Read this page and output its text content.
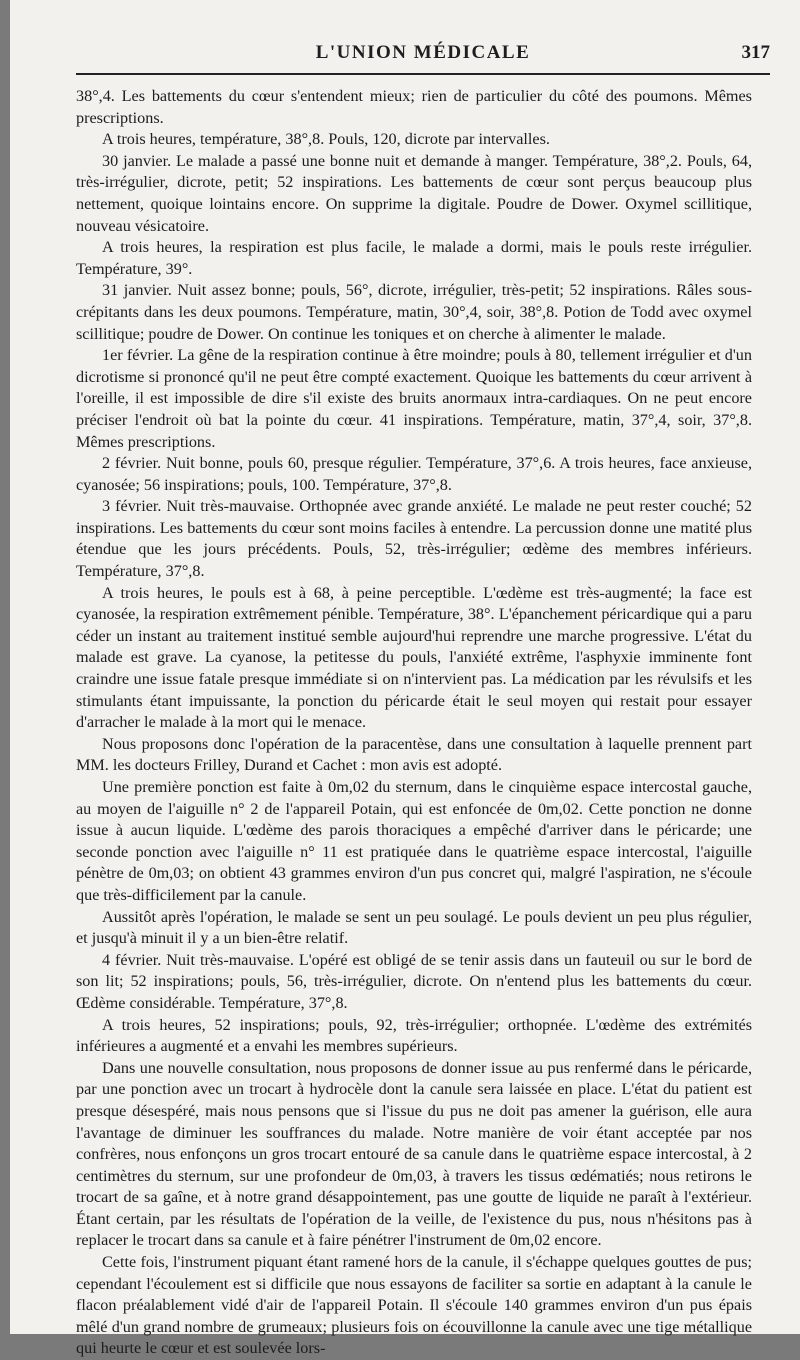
L'UNION MÉDICALE	317

38°,4. Les battements du cœur s'entendent mieux; rien de particulier du côté des poumons. Mêmes prescriptions.

A trois heures, température, 38°,8. Pouls, 120, dicrote par intervalles.

30 janvier. Le malade a passé une bonne nuit et demande à manger. Température, 38°,2. Pouls, 64, très-irrégulier, dicrote, petit; 52 inspirations. Les battements de cœur sont perçus beaucoup plus nettement, quoique lointains encore. On supprime la digitale. Poudre de Dower. Oxymel scillitique, nouveau vésicatoire.

A trois heures, la respiration est plus facile, le malade a dormi, mais le pouls reste irrégulier. Température, 39°.

31 janvier. Nuit assez bonne; pouls, 56°, dicrote, irrégulier, très-petit; 52 inspirations. Râles sous-crépitants dans les deux poumons. Température, matin, 30°,4, soir, 38°,8. Potion de Todd avec oxymel scillitique; poudre de Dower. On continue les toniques et on cherche à alimenter le malade.

1er février. La gêne de la respiration continue à être moindre; pouls à 80, tellement irrégulier et d'un dicrotisme si prononcé qu'il ne peut être compté exactement. Quoique les battements du cœur arrivent à l'oreille, il est impossible de dire s'il existe des bruits anormaux intra-cardiaques. On ne peut encore préciser l'endroit où bat la pointe du cœur. 41 inspirations. Température, matin, 37°,4, soir, 37°,8. Mêmes prescriptions.

2 février. Nuit bonne, pouls 60, presque régulier. Température, 37°,6. A trois heures, face anxieuse, cyanosée; 56 inspirations; pouls, 100. Température, 37°,8.

3 février. Nuit très-mauvaise. Orthopnée avec grande anxiété. Le malade ne peut rester couché; 52 inspirations. Les battements du cœur sont moins faciles à entendre. La percussion donne une matité plus étendue que les jours précédents. Pouls, 52, très-irrégulier; œdème des membres inférieurs. Température, 37°,8.

A trois heures, le pouls est à 68, à peine perceptible. L'œdème est très-augmenté; la face est cyanosée, la respiration extrêmement pénible. Température, 38°. L'épanchement péricardique qui a paru céder un instant au traitement institué semble aujourd'hui reprendre une marche progressive. L'état du malade est grave. La cyanose, la petitesse du pouls, l'anxiété extrême, l'asphyxie imminente font craindre une issue fatale presque immédiate si on n'intervient pas. La médication par les révulsifs et les stimulants étant impuissante, la ponction du péricarde était le seul moyen qui restait pour essayer d'arracher le malade à la mort qui le menace.

Nous proposons donc l'opération de la paracentèse, dans une consultation à laquelle prennent part MM. les docteurs Frilley, Durand et Cachet : mon avis est adopté.

Une première ponction est faite à 0m,02 du sternum, dans le cinquième espace intercostal gauche, au moyen de l'aiguille n° 2 de l'appareil Potain, qui est enfoncée de 0m,02. Cette ponction ne donne issue à aucun liquide. L'œdème des parois thoraciques a empêché d'arriver dans le péricarde; une seconde ponction avec l'aiguille n° 11 est pratiquée dans le quatrième espace intercostal, l'aiguille pénètre de 0m,03; on obtient 43 grammes environ d'un pus concret qui, malgré l'aspiration, ne s'écoule que très-difficilement par la canule.

Aussitôt après l'opération, le malade se sent un peu soulagé. Le pouls devient un peu plus régulier, et jusqu'à minuit il y a un bien-être relatif.

4 février. Nuit très-mauvaise. L'opéré est obligé de se tenir assis dans un fauteuil ou sur le bord de son lit; 52 inspirations; pouls, 56, très-irrégulier, dicrote. On n'entend plus les battements du cœur. Œdème considérable. Température, 37°,8.

A trois heures, 52 inspirations; pouls, 92, très-irrégulier; orthopnée. L'œdème des extrémités inférieures a augmenté et a envahi les membres supérieurs.

Dans une nouvelle consultation, nous proposons de donner issue au pus renfermé dans le péricarde, par une ponction avec un trocart à hydrocèle dont la canule sera laissée en place. L'état du patient est presque désespéré, mais nous pensons que si l'issue du pus ne doit pas amener la guérison, elle aura l'avantage de diminuer les souffrances du malade. Notre manière de voir étant acceptée par nos confrères, nous enfonçons un gros trocart entouré de sa canule dans le quatrième espace intercostal, à 2 centimètres du sternum, sur une profondeur de 0m,03, à travers les tissus œdématiés; nous retirons le trocart de sa gaîne, et à notre grand désappointement, pas une goutte de liquide ne paraît à l'extérieur. Étant certain, par les résultats de l'opération de la veille, de l'existence du pus, nous n'hésitons pas à replacer le trocart dans sa canule et à faire pénétrer l'instrument de 0m,02 encore.

Cette fois, l'instrument piquant étant ramené hors de la canule, il s'échappe quelques gouttes de pus; cependant l'écoulement est si difficile que nous essayons de faciliter sa sortie en adaptant à la canule le flacon préalablement vidé d'air de l'appareil Potain. Il s'écoule 140 grammes environ d'un pus épais mêlé d'un grand nombre de grumeaux; plusieurs fois on écouvillonne la canule avec une tige métallique qui heurte le cœur et est soulevée lors-
